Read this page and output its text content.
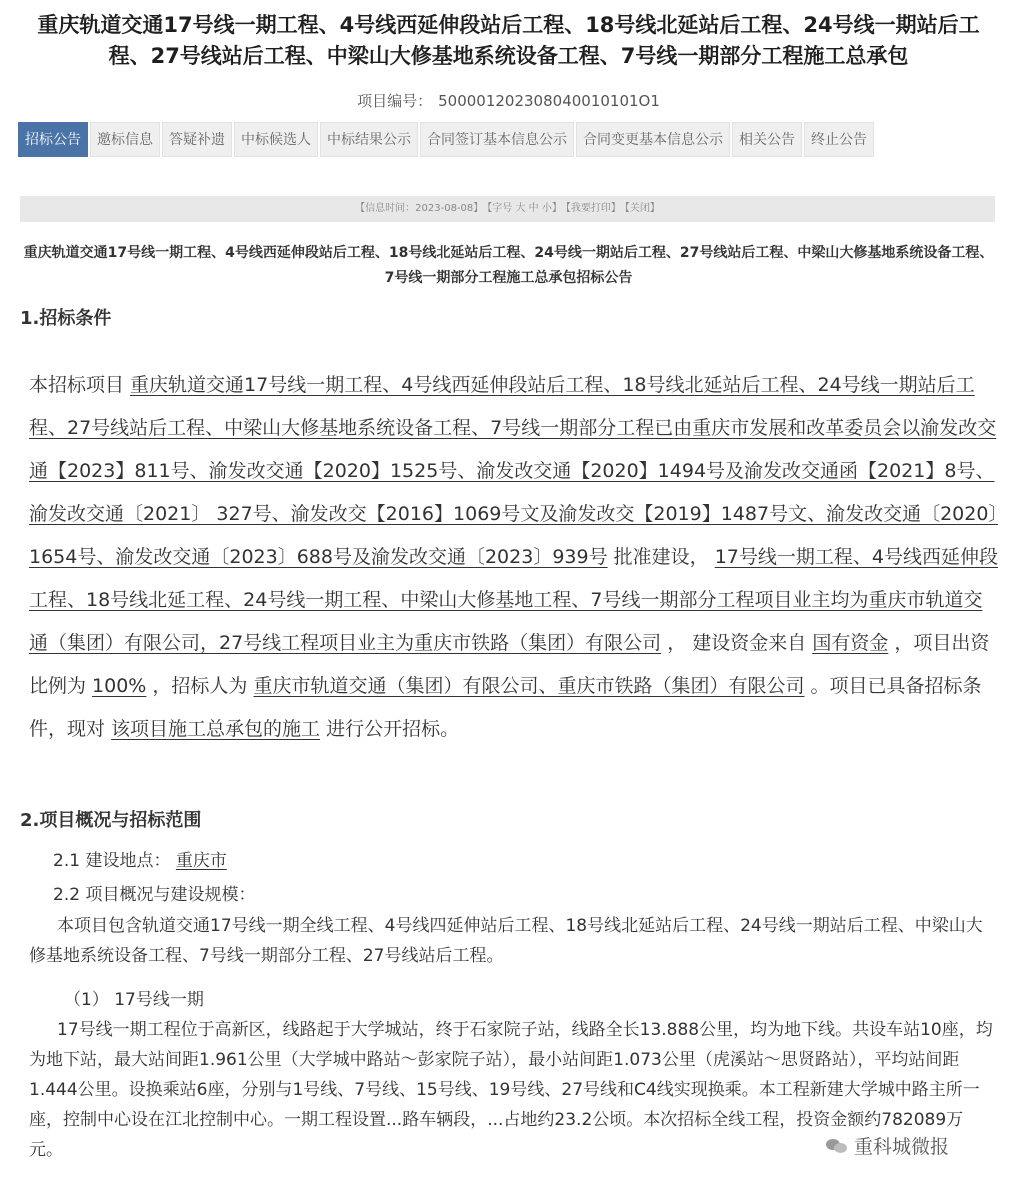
重庆轨道交通17号线一期工程、4号线西延伸段站后工程、18号线北延站后工程、24号线一期站后工程、27号线站后工程、中梁山大修基地系统设备工程、7号线一期部分工程施工总承包
项目编号： 500001202308040010101O1
招标公告	邀标信息	答疑补遗	中标候选人	中标结果公示	合同签订基本信息公示	合同变更基本信息公示	相关公告	终止公告
【信息时间：2023-08-08】 【字号 大 中 小】 【我要打印】 【关闭】
重庆轨道交通17号线一期工程、4号线西延伸段站后工程、18号线北延站后工程、24号线一期站后工程、27号线站后工程、中梁山大修基地系统设备工程、7号线一期部分工程施工总承包招标公告
1.招标条件
本招标项目 重庆轨道交通17号线一期工程、4号线西延伸段站后工程、18号线北延站后工程、24号线一期站后工程、27号线站后工程、中梁山大修基地系统设备工程、7号线一期部分工程已由重庆市发展和改革委员会以渝发改交通【2023】811号、渝发改交通【2020】1525号、渝发改交通【2020】1494号及渝发改交通函【2021】8号、渝发改交通〔2021〕 327号、渝发改交【2016】1069号文及渝发改交【2019】1487号文、渝发改交通〔2020〕1654号、渝发改交通〔2023〕688号及渝发改交通〔2023〕939号 批准建设， 17号线一期工程、4号线西延伸段工程、18号线北延工程、24号线一期工程、中梁山大修基地工程、7号线一期部分工程项目业主均为重庆市轨道交通（集团）有限公司，27号线工程项目业主为重庆市铁路（集团）有限公司 ， 建设资金来自 国有资金 ，项目出资比例为 100% ，招标人为 重庆市轨道交通（集团）有限公司、重庆市铁路（集团）有限公司 。项目已具备招标条件，现对 该项目施工总承包的施工 进行公开招标。
2.项目概况与招标范围
2.1 建设地点： 重庆市
2.2 项目概况与建设规模：
本项目包含轨道交通17号线一期全线工程、4号线四延伸站后工程、18号线北延站后工程、24号线一期站后工程、中梁山大修基地系统设备工程、7号线一期部分工程、27号线站后工程。
（1） 17号线一期
17号线一期工程位于高新区，线路起于大学城站，终于石家院子站，线路全长13.888公里，均为地下线。共设车站10座，均为地下站，最大站间距1.961公里（大学城中路站～彭家院子站），最小站间距1.073公里（虎溪站～思贤路站），平均站间距1.444公里。设换乘站6座，分别与1号线、7号线、15号线、19号线、27号线和C4线实现换乘。本工程新建大学城中路主所一座，控制中心设在江北控制中心。一期工程设置...路车辆段，...占地约23.2公顷。本次招标全线工程，投资金额约782089万元。	重科城微报
